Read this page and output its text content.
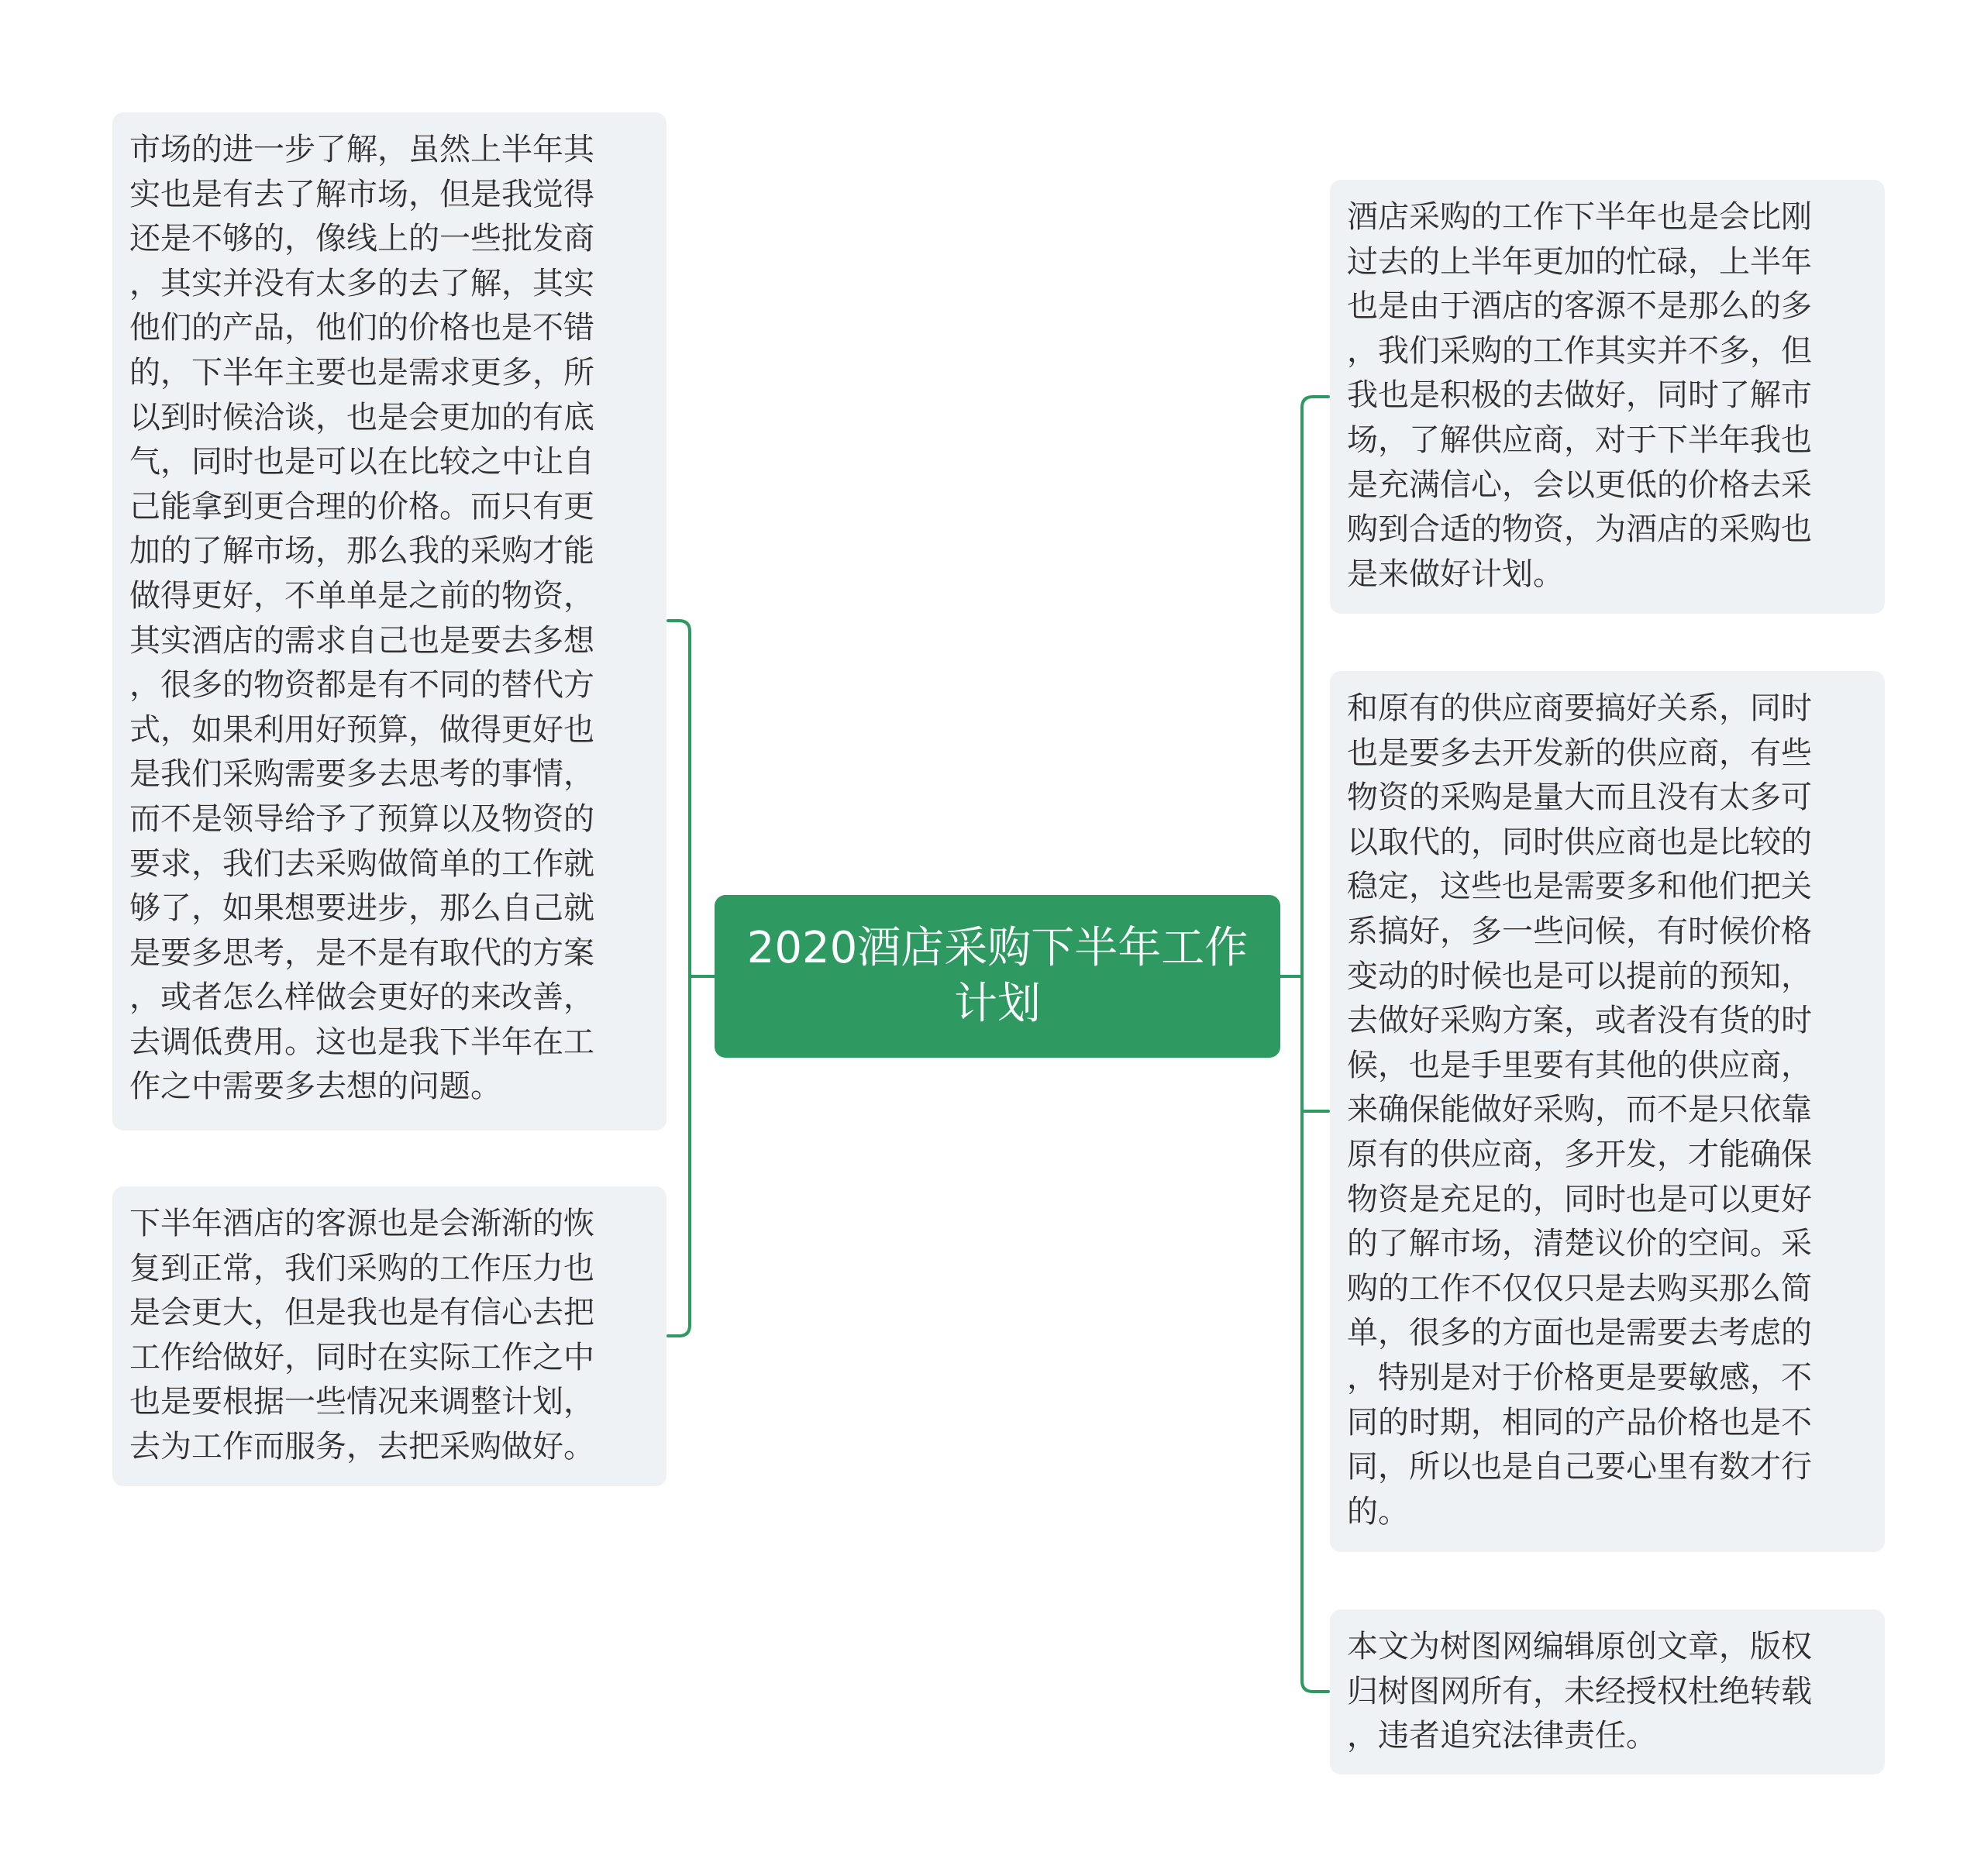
市场的进一步了解，虽然上半年其
实也是有去了解市场，但是我觉得
还是不够的，像线上的一些批发商
，其实并没有太多的去了解，其实
他们的产品，他们的价格也是不错
的，下半年主要也是需求更多，所
以到时候洽谈，也是会更加的有底
气，同时也是可以在比较之中让自
己能拿到更合理的价格。而只有更
加的了解市场，那么我的采购才能
做得更好，不单单是之前的物资，
其实酒店的需求自己也是要去多想
，很多的物资都是有不同的替代方
式，如果利用好预算，做得更好也
是我们采购需要多去思考的事情，
而不是领导给予了预算以及物资的
要求，我们去采购做简单的工作就
够了，如果想要进步，那么自己就
是要多思考，是不是有取代的方案
，或者怎么样做会更好的来改善，
去调低费用。这也是我下半年在工
作之中需要多去想的问题。
下半年酒店的客源也是会渐渐的恢
复到正常，我们采购的工作压力也
是会更大，但是我也是有信心去把
工作给做好，同时在实际工作之中
也是要根据一些情况来调整计划，
去为工作而服务，去把采购做好。
2020酒店采购下半年工作计划
酒店采购的工作下半年也是会比刚
过去的上半年更加的忙碌，上半年
也是由于酒店的客源不是那么的多
，我们采购的工作其实并不多，但
我也是积极的去做好，同时了解市
场，了解供应商，对于下半年我也
是充满信心，会以更低的价格去采
购到合适的物资，为酒店的采购也
是来做好计划。
和原有的供应商要搞好关系，同时
也是要多去开发新的供应商，有些
物资的采购是量大而且没有太多可
以取代的，同时供应商也是比较的
稳定，这些也是需要多和他们把关
系搞好，多一些问候，有时候价格
变动的时候也是可以提前的预知，
去做好采购方案，或者没有货的时
候，也是手里要有其他的供应商，
来确保能做好采购，而不是只依靠
原有的供应商，多开发，才能确保
物资是充足的，同时也是可以更好
的了解市场，清楚议价的空间。采
购的工作不仅仅只是去购买那么简
单，很多的方面也是需要去考虑的
，特别是对于价格更是要敏感，不
同的时期，相同的产品价格也是不
同，所以也是自己要心里有数才行
的。
本文为树图网编辑原创文章，版权
归树图网所有，未经授权杜绝转载
，违者追究法律责任。
